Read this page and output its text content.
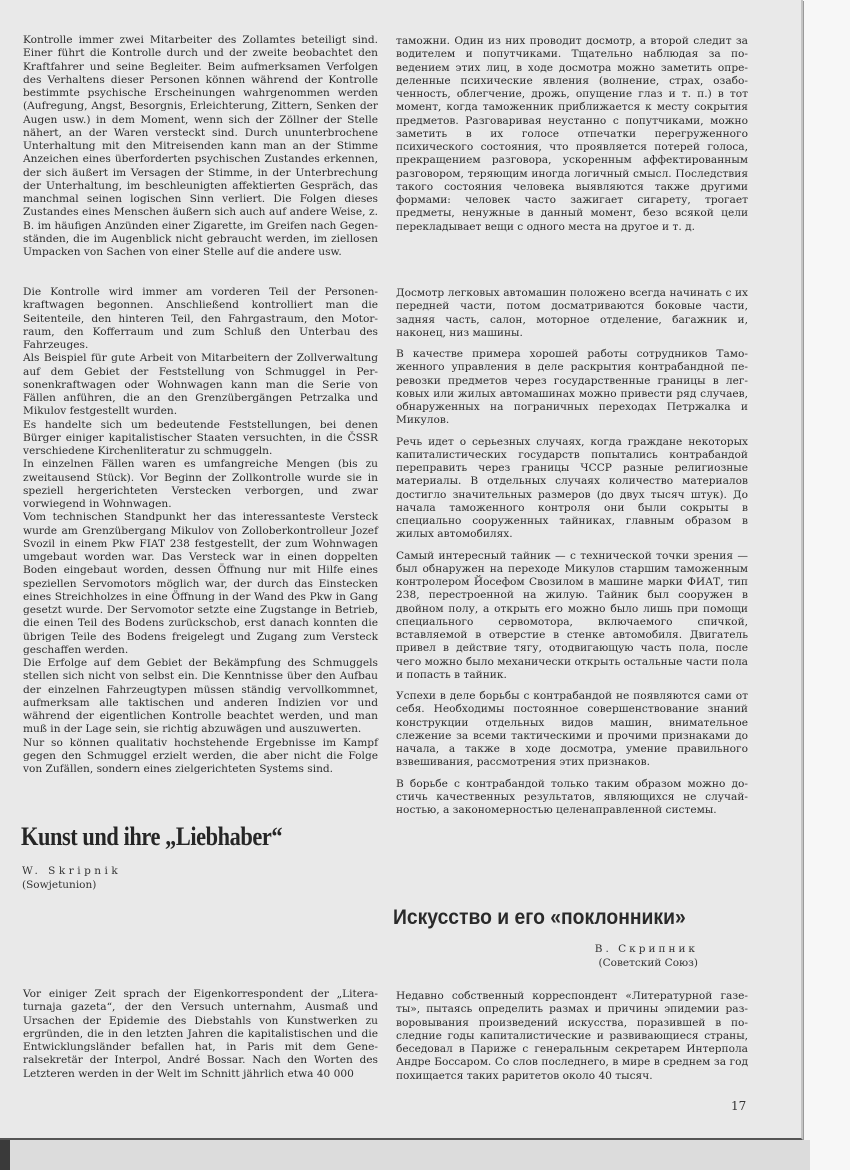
Kontrolle immer zwei Mitarbeiter des Zollamtes beteiligt sind. Einer führt die Kontrolle durch und der zweite beobachtet den Kraftfahrer und seine Begleiter. Beim aufmerksamen Verfolgen des Verhaltens dieser Personen können während der Kontrolle bestimmte psychische Erscheinungen wahrgenommen werden (Aufregung, Angst, Besorgnis, Erleichterung, Zittern, Senken der Augen usw.) in dem Moment, wenn sich der Zöllner der Stelle nähert, an der Waren versteckt sind. Durch ununterbrochene Unterhaltung mit den Mitreisenden kann man an der Stimme Anzeichen eines überforderten psychischen Zustandes erkennen, der sich äußert im Versagen der Stimme, in der Unterbrechung der Unterhaltung, im beschleunigten affektierten Gespräch, das manchmal seinen logischen Sinn verliert. Die Folgen dieses Zustandes eines Menschen äußern sich auch auf andere Weise, z. B. im häufigen Anzünden einer Zigarette, im Greifen nach Gegenständen, die im Augenblick nicht gebraucht werden, im ziellosen Umpacken von Sachen von einer Stelle auf die andere usw.

Die Kontrolle wird immer am vorderen Teil der Personenkraftwagen begonnen. Anschließend kontrolliert man die Seitenteile, den hinteren Teil, den Fahrgastraum, den Motorraum, den Kofferraum und zum Schluß den Unterbau des Fahrzeuges.

Als Beispiel für gute Arbeit von Mitarbeitern der Zollverwaltung auf dem Gebiet der Feststellung von Schmuggel in Personenkraftwagen oder Wohnwagen kann man die Serie von Fällen anführen, die an den Grenzübergängen Petrzalka und Mikulov festgestellt wurden.

Es handelte sich um bedeutende Feststellungen, bei denen Bürger einiger kapitalistischer Staaten versuchten, in die ČSSR verschiedene Kirchenliteratur zu schmuggeln.

In einzelnen Fällen waren es umfangreiche Mengen (bis zu zweitausend Stück). Vor Beginn der Zollkontrolle wurde sie in speziell hergerichteten Verstecken verborgen, und zwar vorwiegend in Wohnwagen.

Vom technischen Standpunkt her das interessanteste Versteck wurde am Grenzübergang Mikulov von Zolloberkontrolleur Jozef Svozil in einem Pkw FIAT 238 festgestellt, der zum Wohnwagen umgebaut worden war. Das Versteck war in einen doppelten Boden eingebaut worden, dessen Öffnung nur mit Hilfe eines speziellen Servomotors möglich war, der durch das Einstecken eines Streichholzes in eine Öffnung in der Wand des Pkw in Gang gesetzt wurde. Der Servomotor setzte eine Zugstange in Betrieb, die einen Teil des Bodens zurückschob, erst danach konnten die übrigen Teile des Bodens freigelegt und Zugang zum Versteck geschaffen werden.

Die Erfolge auf dem Gebiet der Bekämpfung des Schmuggels stellen sich nicht von selbst ein. Die Kenntnisse über den Aufbau der einzelnen Fahrzeugtypen müssen ständig vervollkommnet, aufmerksam alle taktischen und anderen Indizien vor und während der eigentlichen Kontrolle beachtet werden, und man muß in der Lage sein, sie richtig abzuwägen und auszuwerten.

Nur so können qualitativ hochstehende Ergebnisse im Kampf gegen den Schmuggel erzielt werden, die aber nicht die Folge von Zufällen, sondern eines zielgerichteten Systems sind.

таможни. Один из них проводит досмотр, а второй следит за водителем и попутчиками. Тщательно наблюдая за поведением этих лиц, в ходе досмотра можно заметить определенные психические явления (волнение, страх, озабоченность, облегчение, дрожь, опущение глаз и т. п.) в тот момент, когда таможенник приближается к месту сокрытия предметов. Разговаривая неустанно с попутчиками, можно заметить в их голосе отпечатки перегруженного психического состояния, что проявляется потерей голоса, прекращением разговора, ускоренным аффектированным разговором, теряющим иногда логичный смысл. Последствия такого состояния человека выявляются также другими формами: человек часто зажигает сигарету, трогает предметы, ненужные в данный момент, безо всякой цели перекладывает вещи с одного места на другое и т. д.

Досмотр легковых автомашин положено всегда начинать с их передней части, потом досматриваются боковые части, задняя часть, салон, моторное отделение, багажник и, наконец, низ машины.

В качестве примера хорошей работы сотрудников Таможенного управления в деле раскрытия контрабандной перевозки предметов через государственные границы в легковых или жилых автомашинах можно привести ряд случаев, обнаруженных на пограничных переходах Петржалка и Микулов.

Речь идет о серьезных случаях, когда граждане некоторых капиталистических государств попытались контрабандой переправить через границы ЧССР разные религиозные материалы. В отдельных случаях количество материалов достигло значительных размеров (до двух тысяч штук). До начала таможенного контроля они были сокрыты в специально сооруженных тайниках, главным образом в жилых автомобилях.

Самый интересный тайник — с технической точки зрения — был обнаружен на переходе Микулов старшим таможенным контролером Йосефом Свозилом в машине марки ФИАТ, тип 238, перестроенной на жилую. Тайник был сооружен в двойном полу, а открыть его можно было лишь при помощи специального сервомотора, включаемого спичкой, вставляемой в отверстие в стенке автомобиля. Двигатель привел в действие тягу, отодвигающую часть пола, после чего можно было механически открыть остальные части пола и попасть в тайник.

Успехи в деле борьбы с контрабандой не появляются сами от себя. Необходимы постоянное совершенствование знаний конструкции отдельных видов машин, внимательное слежение за всеми тактическими и прочими признаками до начала, а также в ходе досмотра, умение правильного взвешивания, рассмотрения этих признаков.

В борьбе с контрабандой только таким образом можно достичь качественных результатов, являющихся не случайностью, а закономерностью целенаправленной системы.

Kunst und ihre „Liebhaber“
W. Skripnik
(Sowjetunion)
Искусство и его «поклонники»
В. Скрипник
(Советский Союз)

Vor einiger Zeit sprach der Eigenkorrespondent der „Literaturnaja gazeta“, der den Versuch unternahm, Ausmaß und Ursachen der Epidemie des Diebstahls von Kunstwerken zu ergründen, die in den letzten Jahren die kapitalistischen und die Entwicklungsländer befallen hat, in Paris mit dem Generalsekretär der Interpol, André Bossar. Nach den Worten des Letzteren werden in der Welt im Schnitt jährlich etwa 40 000

Недавно собственный корреспондент «Литературной газеты», пытаясь определить размах и причины эпидемии разворовывания произведений искусства, поразившей в последние годы капиталистические и развивающиеся страны, беседовал в Париже с генеральным секретарем Интерпола Андре Боссаром. Со слов последнего, в мире в среднем за год похищается таких раритетов около 40 тысяч.

17
